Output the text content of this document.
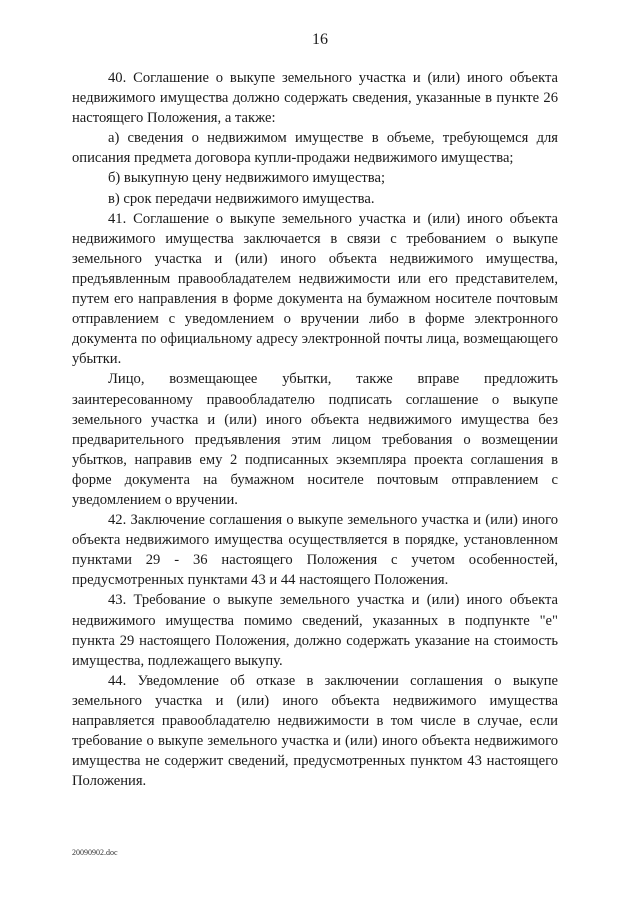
16

40. Соглашение о выкупе земельного участка и (или) иного объекта недвижимого имущества должно содержать сведения, указанные в пункте 26 настоящего Положения, а также:

а) сведения о недвижимом имуществе в объеме, требующемся для описания предмета договора купли-продажи недвижимого имущества;

б) выкупную цену недвижимого имущества;

в) срок передачи недвижимого имущества.

41. Соглашение о выкупе земельного участка и (или) иного объекта недвижимого имущества заключается в связи с требованием о выкупе земельного участка и (или) иного объекта недвижимого имущества, предъявленным правообладателем недвижимости или его представителем, путем его направления в форме документа на бумажном носителе почтовым отправлением с уведомлением о вручении либо в форме электронного документа по официальному адресу электронной почты лица, возмещающего убытки.

Лицо, возмещающее убытки, также вправе предложить заинтересованному правообладателю подписать соглашение о выкупе земельного участка и (или) иного объекта недвижимого имущества без предварительного предъявления этим лицом требования о возмещении убытков, направив ему 2 подписанных экземпляра проекта соглашения в форме документа на бумажном носителе почтовым отправлением с уведомлением о вручении.

42. Заключение соглашения о выкупе земельного участка и (или) иного объекта недвижимого имущества осуществляется в порядке, установленном пунктами 29 - 36 настоящего Положения с учетом особенностей, предусмотренных пунктами 43 и 44 настоящего Положения.

43. Требование о выкупе земельного участка и (или) иного объекта недвижимого имущества помимо сведений, указанных в подпункте "е" пункта 29 настоящего Положения, должно содержать указание на стоимость имущества, подлежащего выкупу.

44. Уведомление об отказе в заключении соглашения о выкупе земельного участка и (или) иного объекта недвижимого имущества направляется правообладателю недвижимости в том числе в случае, если требование о выкупе земельного участка и (или) иного объекта недвижимого имущества не содержит сведений, предусмотренных пунктом 43 настоящего Положения.

20090902.doc
